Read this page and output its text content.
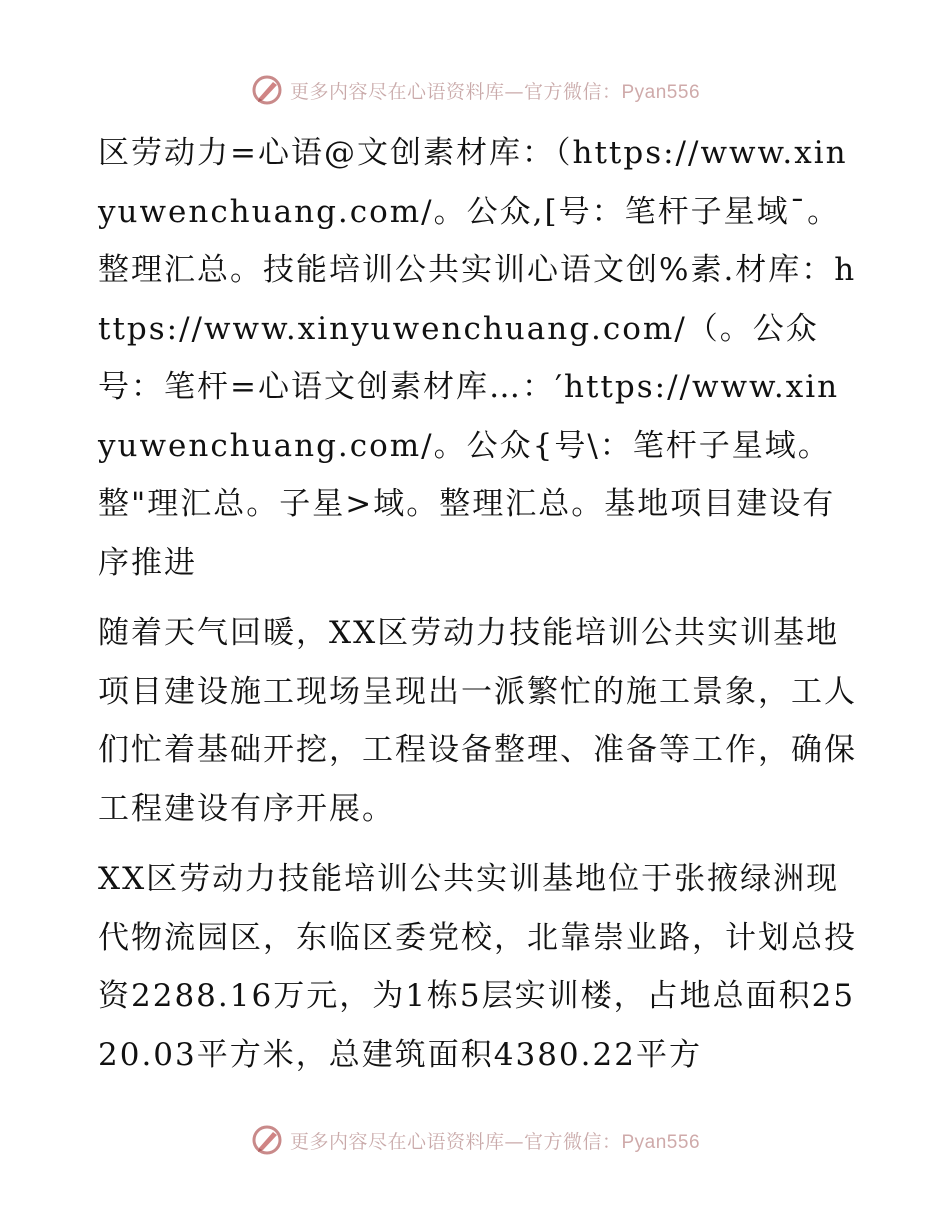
更多内容尽在心语资料库—官方微信：Pyan556

区劳动力=心语@文创素材库：（https://www.xinyuwenchuang.com/。公众,[号：笔杆子星域¯。整理汇总。技能培训公共实训心语文创%素.材库：https://www.xinyuwenchuang.com/（。公众号：笔杆=心语文创素材库…：′https://www.xinyuwenchuang.com/。公众{号\：笔杆子星域。整"理汇总。子星>域。整理汇总。基地项目建设有序推进

随着天气回暖，XX区劳动力技能培训公共实训基地项目建设施工现场呈现出一派繁忙的施工景象，工人们忙着基础开挖，工程设备整理、准备等工作，确保工程建设有序开展。

XX区劳动力技能培训公共实训基地位于张掖绿洲现代物流园区，东临区委党校，北靠崇业路，计划总投资2288.16万元，为1栋5层实训楼，占地总面积2520.03平方米，总建筑面积4380.22平方

更多内容尽在心语资料库—官方微信：Pyan556
